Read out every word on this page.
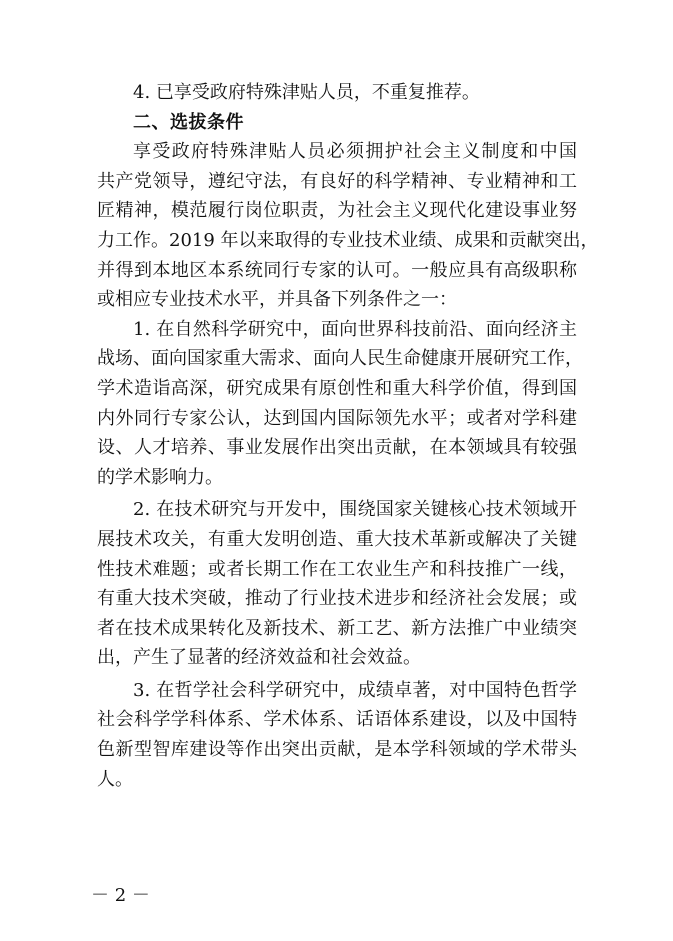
4. 已享受政府特殊津贴人员，不重复推荐。
二、选拔条件
享受政府特殊津贴人员必须拥护社会主义制度和中国
共产党领导，遵纪守法，有良好的科学精神、专业精神和工
匠精神，模范履行岗位职责，为社会主义现代化建设事业努
力工作。2019 年以来取得的专业技术业绩、成果和贡献突出，
并得到本地区本系统同行专家的认可。一般应具有高级职称
或相应专业技术水平，并具备下列条件之一：
1. 在自然科学研究中，面向世界科技前沿、面向经济主
战场、面向国家重大需求、面向人民生命健康开展研究工作，
学术造诣高深，研究成果有原创性和重大科学价值，得到国
内外同行专家公认，达到国内国际领先水平；或者对学科建
设、人才培养、事业发展作出突出贡献，在本领域具有较强
的学术影响力。
2. 在技术研究与开发中，围绕国家关键核心技术领域开
展技术攻关，有重大发明创造、重大技术革新或解决了关键
性技术难题；或者长期工作在工农业生产和科技推广一线，
有重大技术突破，推动了行业技术进步和经济社会发展；或
者在技术成果转化及新技术、新工艺、新方法推广中业绩突
出，产生了显著的经济效益和社会效益。
3. 在哲学社会科学研究中，成绩卓著，对中国特色哲学
社会科学学科体系、学术体系、话语体系建设，以及中国特
色新型智库建设等作出突出贡献，是本学科领域的学术带头
人。
－ 2 －
